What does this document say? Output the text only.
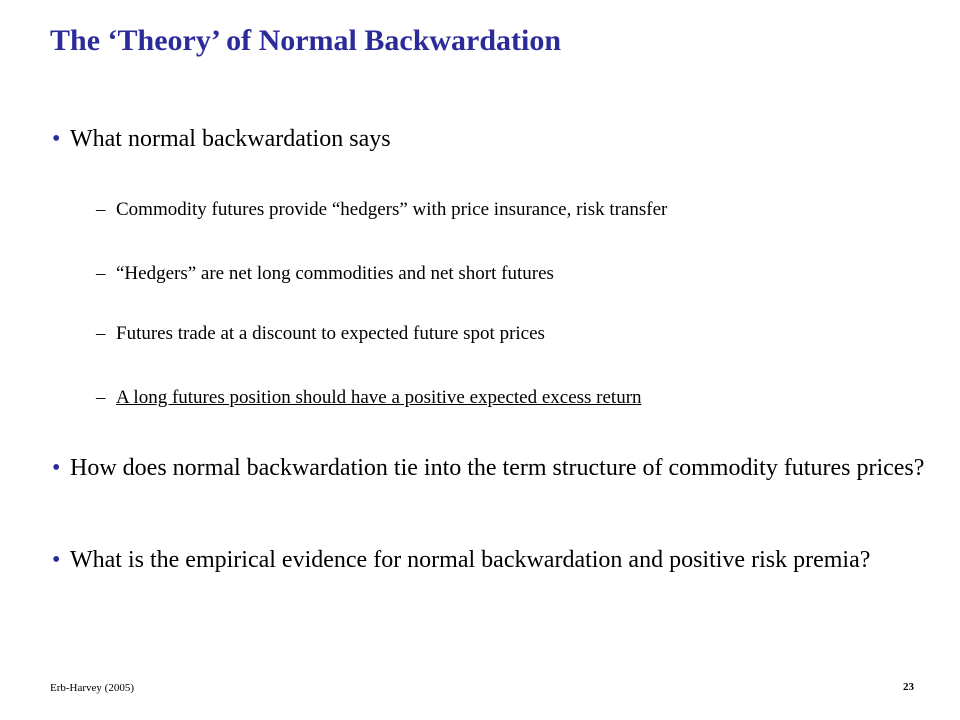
The ‘Theory’ of Normal Backwardation
• What normal backwardation says
– Commodity futures provide “hedgers” with price insurance, risk transfer
– “Hedgers” are net long commodities and net short futures
– Futures trade at a discount to expected future spot prices
– A long futures position should have a positive expected excess return
• How does normal backwardation tie into the term structure of commodity futures prices?
• What is the empirical evidence for normal backwardation and positive risk premia?
Erb-Harvey (2005)	23
